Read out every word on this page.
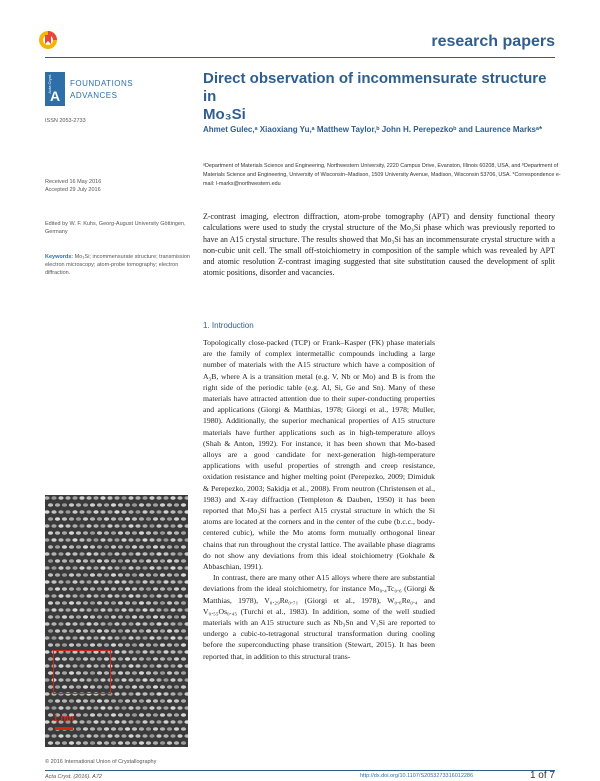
research papers
Acta Cryst.
A
FOUNDATIONS
ADVANCES
ISSN 2053-2733
Received 16 May 2016
Accepted 29 July 2016
Edited by W. F. Kuhs, Georg-August University Göttingen, Germany
Keywords: Mo₃Si; incommensurate structure; transmission electron microscopy; atom-probe tomography; electron diffraction.
Direct observation of incommensurate structure in
Mo₃Si
Ahmet Gulec,ᵃ Xiaoxiang Yu,ᵃ Matthew Taylor,ᵇ John H. Perepezkoᵇ and Laurence Marksᵃ*
ᵃDepartment of Materials Science and Engineering, Northwestern University, 2220 Campus Drive, Evanston, Illinois 60208, USA, and ᵇDepartment of Materials Science and Engineering, University of Wisconsin–Madison, 1509 University Avenue, Madison, Wisconsin 53706, USA. *Correspondence e-mail: l-marks@northwestern.edu
Z-contrast imaging, electron diffraction, atom-probe tomography (APT) and density functional theory calculations were used to study the crystal structure of the Mo₃Si phase which was previously reported to have an A15 crystal structure. The results showed that Mo₃Si has an incommensurate crystal structure with a non-cubic unit cell. The small off-stoichiometry in composition of the sample which was revealed by APT and atomic resolution Z-contrast imaging suggested that site substitution caused the development of split atomic positions, disorder and vacancies.
1. Introduction

Topologically close-packed (TCP) or Frank–Kasper (FK) phase materials are the family of complex intermetallic compounds including a large number of materials with the A15 structure which have a composition of A₃B, where A is a transition metal (e.g. V, Nb or Mo) and B is from the right side of the periodic table (e.g. Al, Si, Ge and Sn). Many of these materials have attracted attention due to their super-conducting properties and applications (Giorgi & Matthias, 1978; Giorgi et al., 1978; Muller, 1980). Additionally, the superior mechanical properties of A15 structure materials have further applications such as in high-temperature alloys (Shah & Anton, 1992). For instance, it has been shown that Mo-based alloys are a good candidate for next-generation high-temperature applications with useful properties of strength and creep resistance, oxidation resistance and higher melting point (Perepezko, 2009; Dimiduk & Perepezko, 2003; Sakidja et al., 2008). From neutron (Christensen et al., 1983) and X-ray diffraction (Templeton & Dauben, 1950) it has been reported that Mo₃Si has a perfect A15 crystal structure in which the Si atoms are located at the corners and in the center of the cube (b.c.c., body-centered cubic), while the Mo atoms form mutually orthogonal linear chains that run throughout the crystal lattice. The available phase diagrams do not show any deviations from this ideal stoichiometry (Gokhale & Abbaschian, 1991).

In contrast, there are many other A15 alloys where there are substantial deviations from the ideal stoichiometry, for instance Mo₀.₄Tc₀.₆ (Giorgi & Matthias, 1978), V₀.₂₉Re₀.₇₁ (Giorgi et al., 1978), W₀.₆Re₀.₄ and V₀.₅₅Os₀.₄₅ (Turchi et al., 1983). In addition, some of the well studied materials with an A15 structure such as Nb₃Sn and V₃Si are reported to undergo a cubic-to-tetragonal structural transformation during cooling before the superconducting phase transition (Stewart, 2015). It has been reported that, in addition to this structural trans-

1 nm
© 2016 International Union of Crystallography
Acta Cryst. (2016). A72	http://dx.doi.org/10.1107/S2053273316012286	1 of 7
